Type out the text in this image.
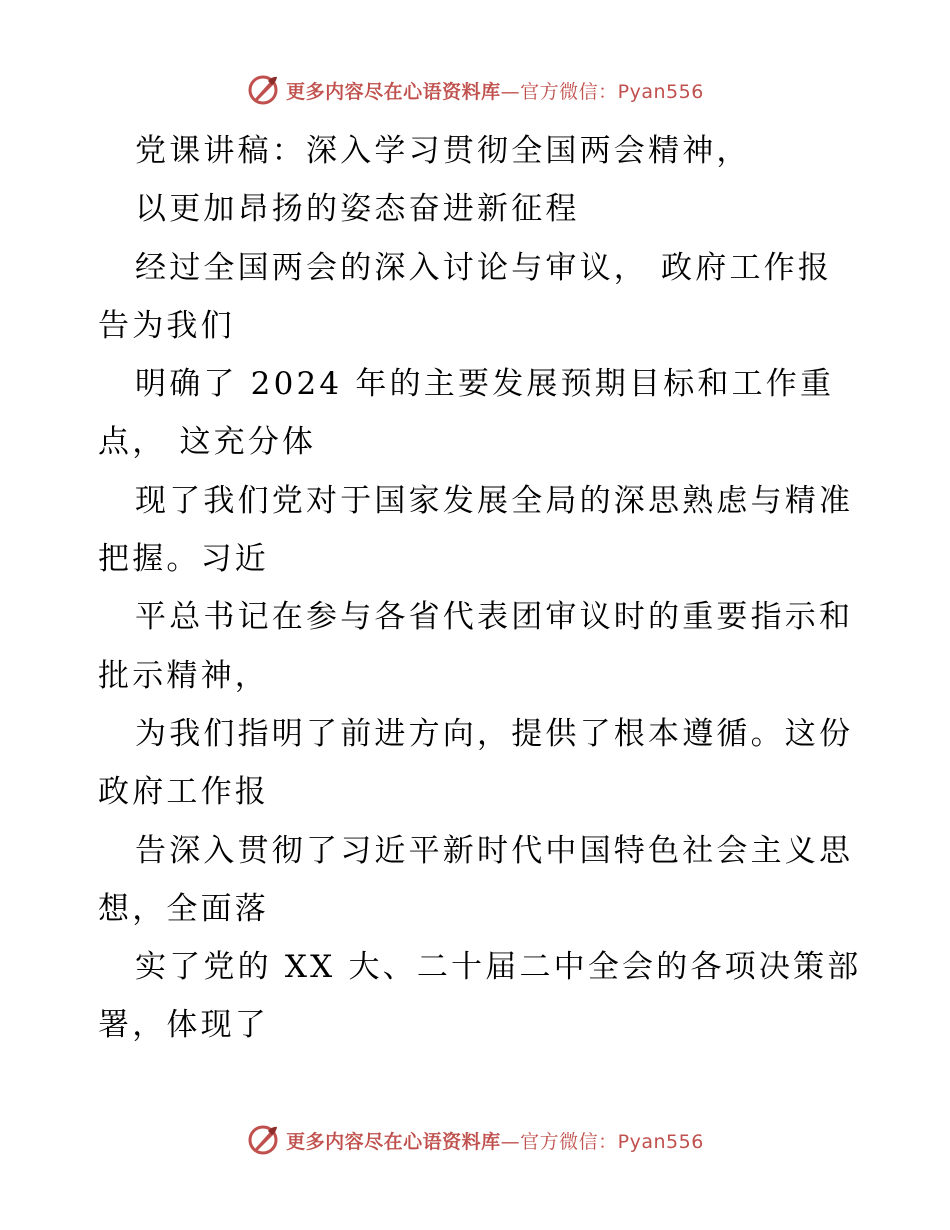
更多内容尽在心语资料库—官方微信：Pyan556
党课讲稿：深入学习贯彻全国两会精神，
以更加昂扬的姿态奋进新征程
经过全国两会的深入讨论与审议， 政府工作报
告为我们
明确了 2024 年的主要发展预期目标和工作重
点， 这充分体
现了我们党对于国家发展全局的深思熟虑与精准
把握。习近
平总书记在参与各省代表团审议时的重要指示和
批示精神，
为我们指明了前进方向，提供了根本遵循。这份
政府工作报
告深入贯彻了习近平新时代中国特色社会主义思
想，全面落
实了党的 XX 大、二十届二中全会的各项决策部
署，体现了
更多内容尽在心语资料库—官方微信：Pyan556
